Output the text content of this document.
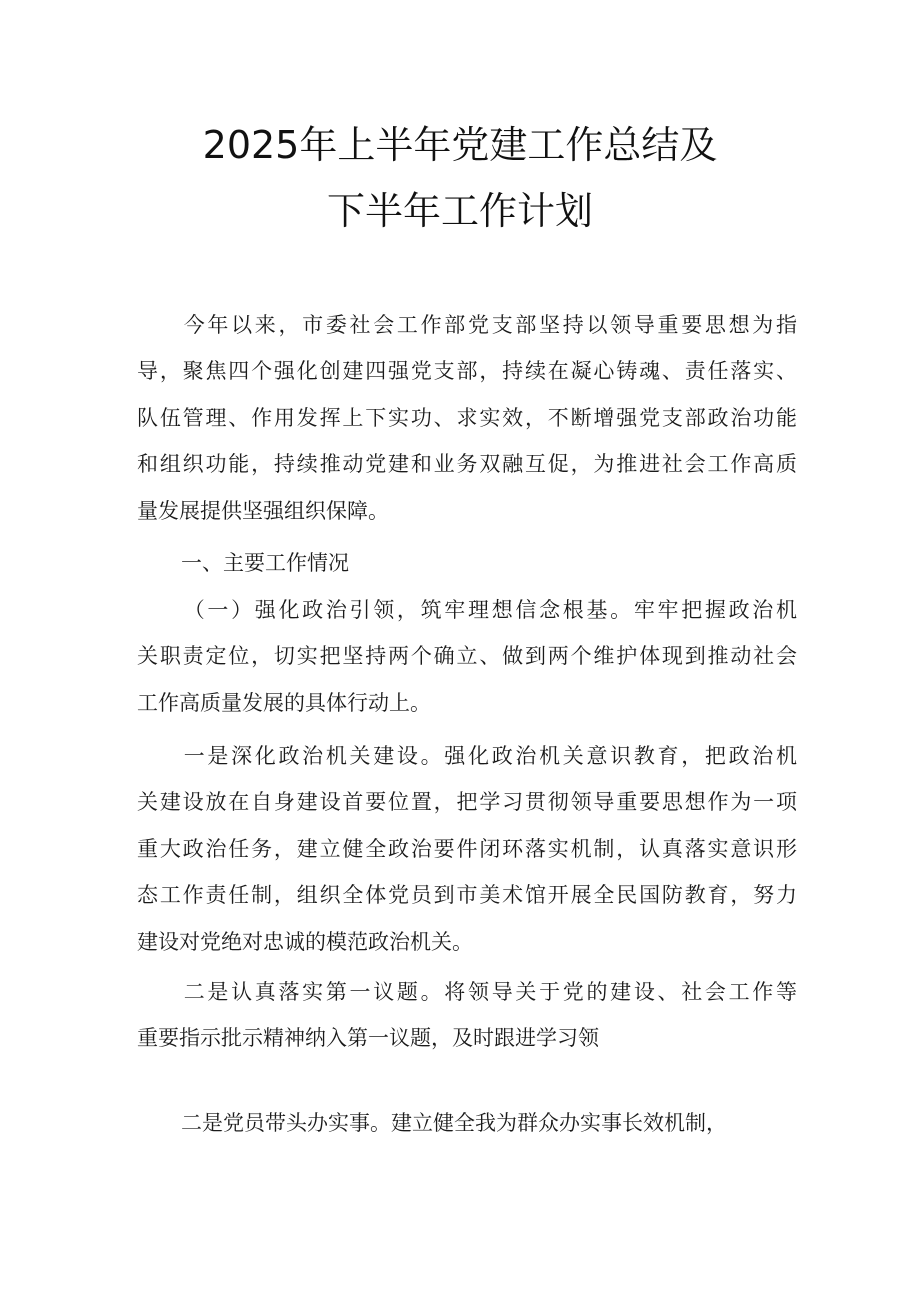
2025年上半年党建工作总结及
下半年工作计划
今年以来，市委社会工作部党支部坚持以领导重要思想为指
导，聚焦四个强化创建四强党支部，持续在凝心铸魂、责任落实、
队伍管理、作用发挥上下实功、求实效，不断增强党支部政治功能
和组织功能，持续推动党建和业务双融互促，为推进社会工作高质
量发展提供坚强组织保障。
一、主要工作情况
（一）强化政治引领，筑牢理想信念根基。牢牢把握政治机
关职责定位，切实把坚持两个确立、做到两个维护体现到推动社会
工作高质量发展的具体行动上。
一是深化政治机关建设。强化政治机关意识教育，把政治机
关建设放在自身建设首要位置，把学习贯彻领导重要思想作为一项
重大政治任务，建立健全政治要件闭环落实机制，认真落实意识形
态工作责任制，组织全体党员到市美术馆开展全民国防教育，努力
建设对党绝对忠诚的模范政治机关。
二是认真落实第一议题。将领导关于党的建设、社会工作等
重要指示批示精神纳入第一议题，及时跟进学习领
二是党员带头办实事。建立健全我为群众办实事长效机制，
